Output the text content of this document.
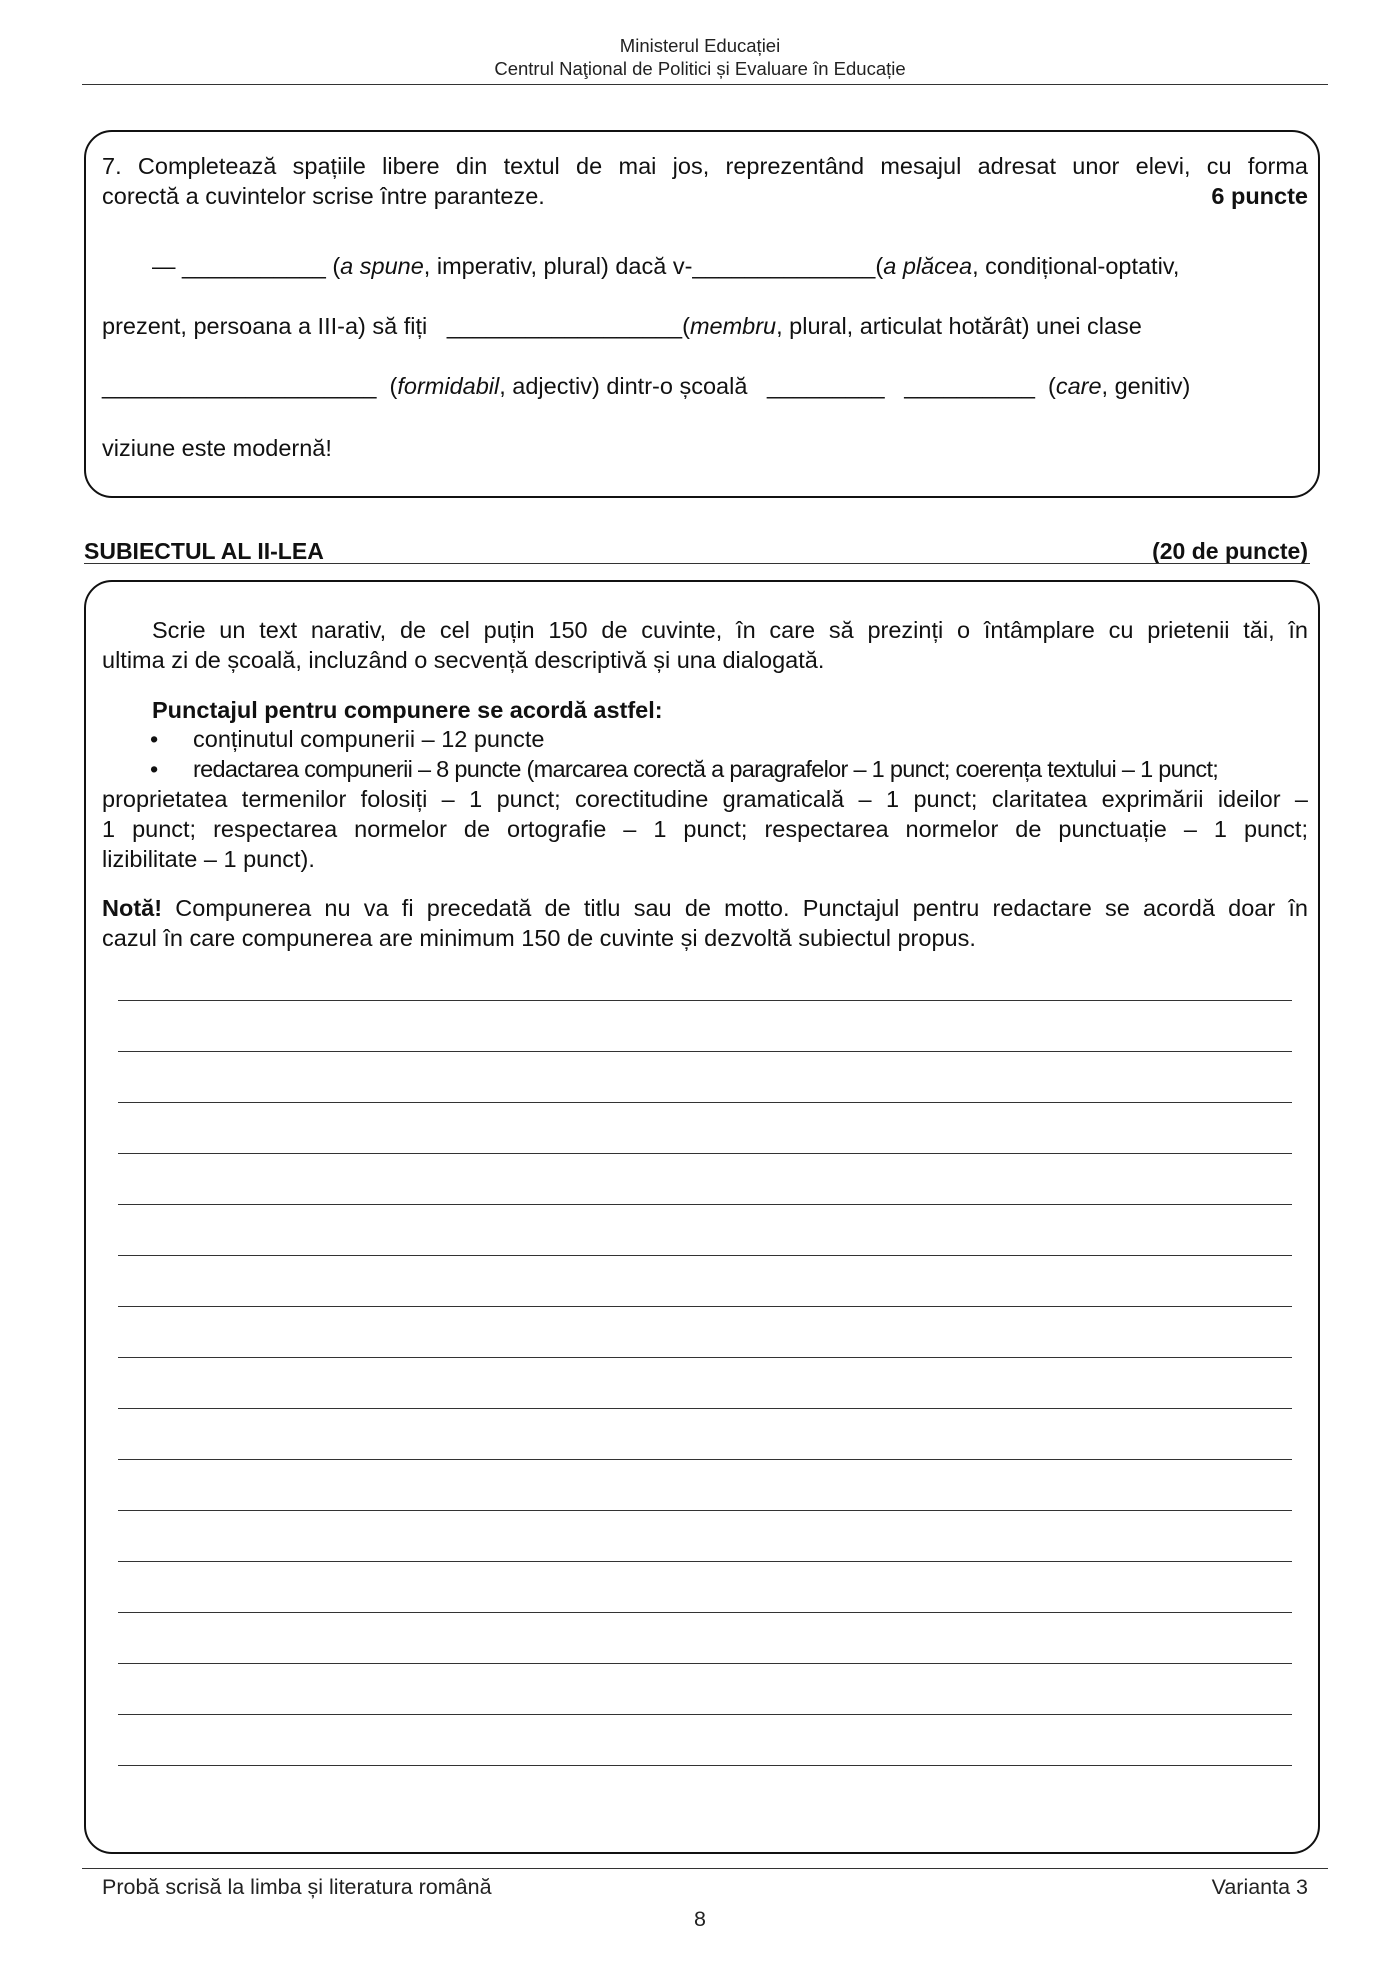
Ministerul Educației
Centrul Naţional de Politici și Evaluare în Educație
7. Completează spațiile libere din textul de mai jos, reprezentând mesajul adresat unor elevi, cu forma
corectă a cuvintelor scrise între paranteze.	6 puncte
— ___________ (a spune, imperativ, plural) dacă v-______________(a plăcea, condițional-optativ,
prezent, persoana a III-a) să fiți __________________(membru, plural, articulat hotărât) unei clase
_____________________ (formidabil, adjectiv) dintr-o școală _________ __________ (care, genitiv)
viziune este modernă!
SUBIECTUL AL II-LEA	(20 de puncte)
Scrie un text narativ, de cel puțin 150 de cuvinte, în care să prezinți o întâmplare cu prietenii tăi, în
ultima zi de școală, incluzând o secvență descriptivă și una dialogată.
Punctajul pentru compunere se acordă astfel:
• conținutul compunerii – 12 puncte
• redactarea compunerii – 8 puncte (marcarea corectă a paragrafelor – 1 punct; coerența textului – 1 punct;
proprietatea termenilor folosiți – 1 punct; corectitudine gramaticală – 1 punct; claritatea exprimării ideilor –
1 punct; respectarea normelor de ortografie – 1 punct; respectarea normelor de punctuație – 1 punct;
lizibilitate – 1 punct).
Notă! Compunerea nu va fi precedată de titlu sau de motto. Punctajul pentru redactare se acordă doar în
cazul în care compunerea are minimum 150 de cuvinte și dezvoltă subiectul propus.
Probă scrisă la limba și literatura română	Varianta 3
8
